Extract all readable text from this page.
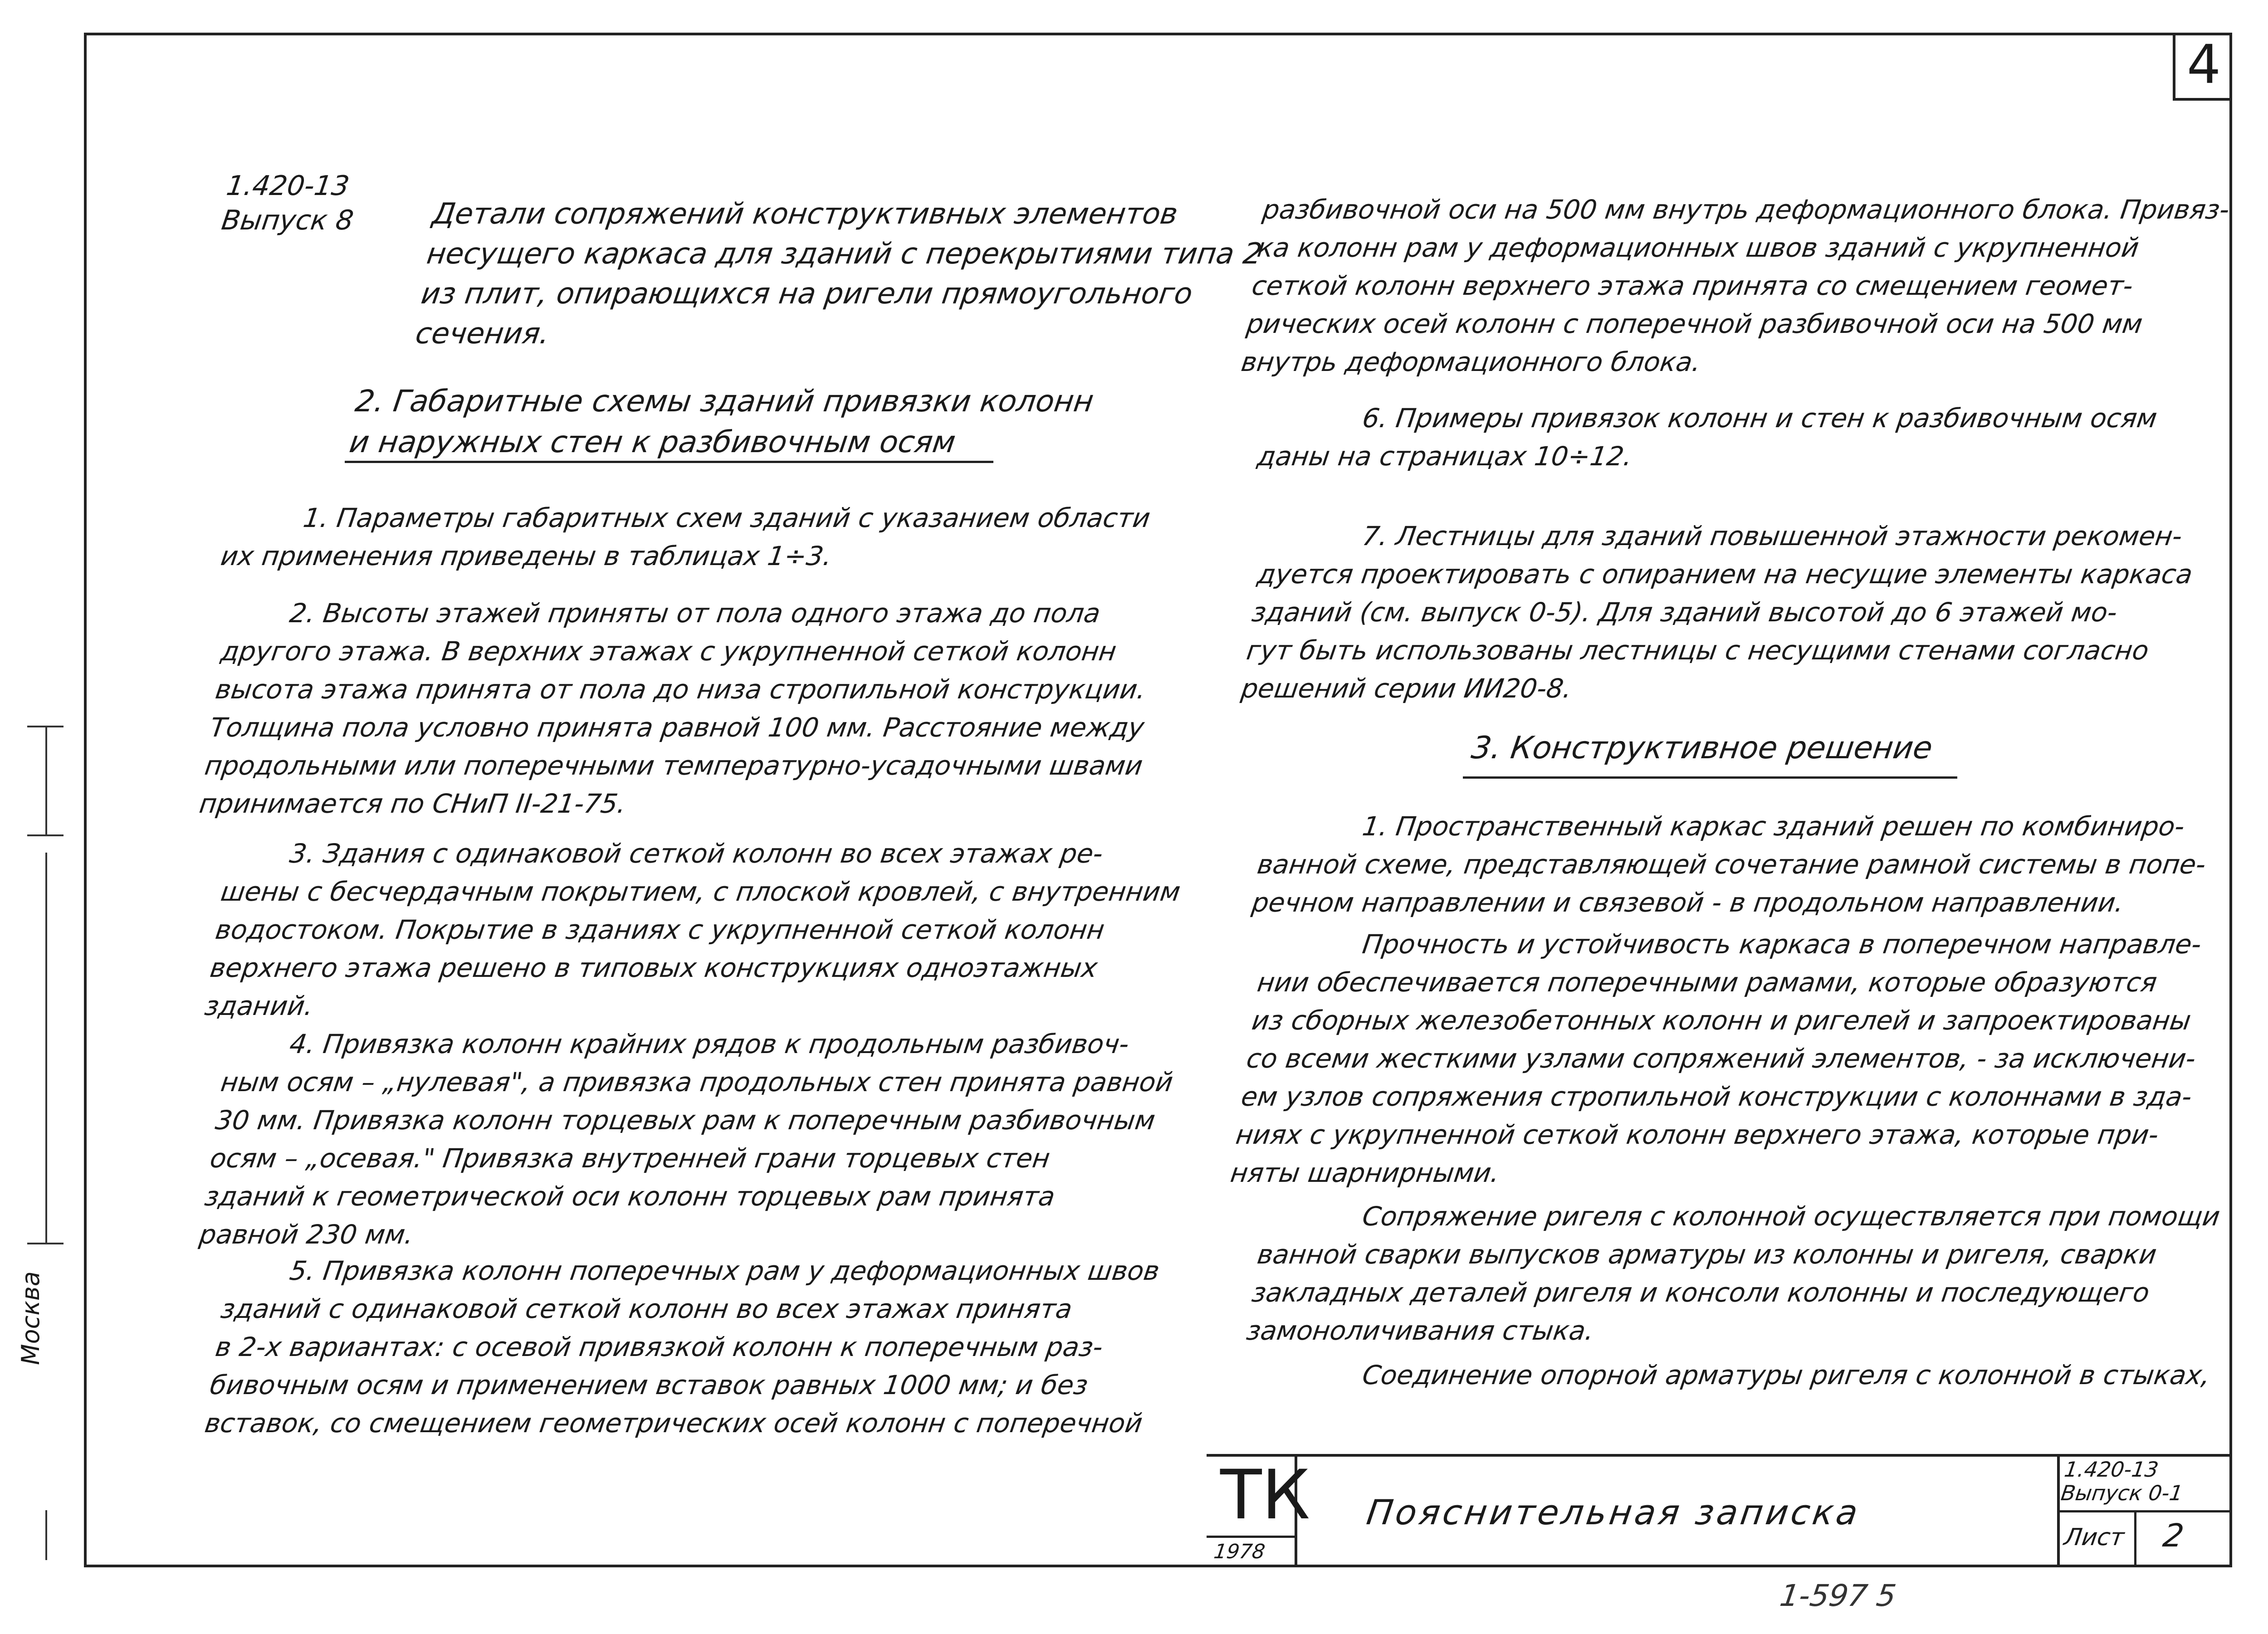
4
Москва
1.420-13
Выпуск 8	Детали сопряжений конструктивных элементов
несущего каркаса для зданий с перекрытиями типа 2
из плит, опирающихся на ригели прямоугольного
сечения.
2. Габаритные схемы зданий привязки колонн
и наружных стен к разбивочным осям
1. Параметры габаритных схем зданий с указанием области
их применения приведены в таблицах 1÷3.
2. Высоты этажей приняты от пола одного этажа до пола
другого этажа. В верхних этажах с укрупненной сеткой колонн
высота этажа принята от пола до низа стропильной конструкции.
Толщина пола условно принята равной 100 мм. Расстояние между
продольными или поперечными температурно-усадочными швами
принимается по СНиП II-21-75.
3. Здания с одинаковой сеткой колонн во всех этажах ре-
шены с бесчердачным покрытием, с плоской кровлей, с внутренним
водостоком. Покрытие в зданиях с укрупненной сеткой колонн
верхнего этажа решено в типовых конструкциях одноэтажных
зданий.
4. Привязка колонн крайних рядов к продольным разбивоч-
ным осям – „нулевая", а привязка продольных стен принята равной
30 мм. Привязка колонн торцевых рам к поперечным разбивочным
осям – „осевая." Привязка внутренней грани торцевых стен
зданий к геометрической оси колонн торцевых рам принята
равной 230 мм.
5. Привязка колонн поперечных рам у деформационных швов
зданий с одинаковой сеткой колонн во всех этажах принята
в 2-х вариантах: с осевой привязкой колонн к поперечным раз-
бивочным осям и применением вставок равных 1000 мм; и без
вставок, со смещением геометрических осей колонн с поперечной
разбивочной оси на 500 мм внутрь деформационного блока. Привяз-
ка колонн рам у деформационных швов зданий с укрупненной
сеткой колонн верхнего этажа принята со смещением геомет-
рических осей колонн с поперечной разбивочной оси на 500 мм
внутрь деформационного блока.
6. Примеры привязок колонн и стен к разбивочным осям
даны на страницах 10÷12.
7. Лестницы для зданий повышенной этажности рекомен-
дуется проектировать с опиранием на несущие элементы каркаса
зданий (см. выпуск 0-5). Для зданий высотой до 6 этажей мо-
гут быть использованы лестницы с несущими стенами согласно
решений серии ИИ20-8.
3. Конструктивное решение
1. Пространственный каркас зданий решен по комбиниро-
ванной схеме, представляющей сочетание рамной системы в попе-
речном направлении и связевой - в продольном направлении.
Прочность и устойчивость каркаса в поперечном направле-
нии обеспечивается поперечными рамами, которые образуются
из сборных железобетонных колонн и ригелей и запроектированы
со всеми жесткими узлами сопряжений элементов, - за исключени-
ем узлов сопряжения стропильной конструкции с колоннами в зда-
ниях с укрупненной сеткой колонн верхнего этажа, которые при-
няты шарнирными.
Сопряжение ригеля с колонной осуществляется при помощи
ванной сварки выпусков арматуры из колонны и ригеля, сварки
закладных деталей ригеля и консоли колонны и последующего
замоноличивания стыка.
Соединение опорной арматуры ригеля с колонной в стыках,
ТК
1978
Пояснительная записка
1.420-13
Выпуск 0-1
Лист 2
1-597 5
